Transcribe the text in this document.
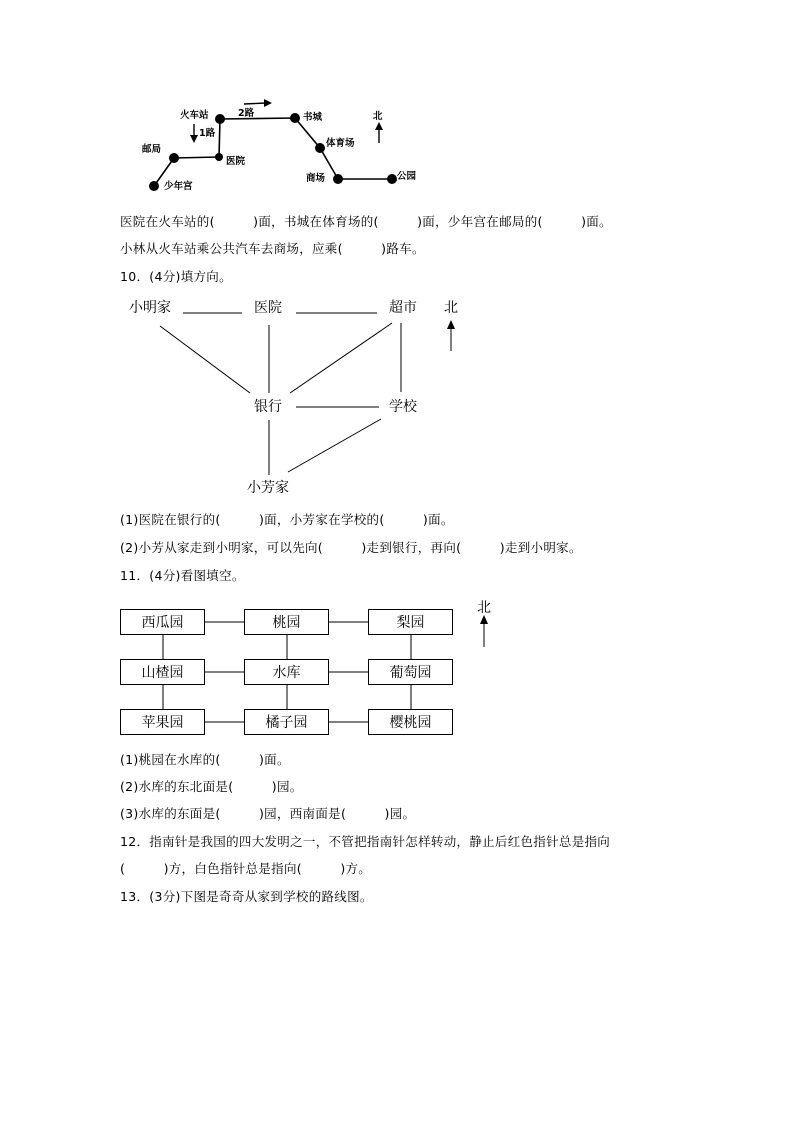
火车站	2路	书城	北
1路
邮局
医院
体育场
商场	公园
少年宫
医院在火车站的(　　　)面，书城在体育场的(　　　)面，少年宫在邮局的(　　　)面。
小林从火车站乘公共汽车去商场，应乘(　　　)路车。
10．(4分)填方向。
小明家	医院	超市 北
银行	学校
小芳家
(1)医院在银行的(　　　)面，小芳家在学校的(　　　)面。
(2)小芳从家走到小明家，可以先向(　　　)走到银行，再向(　　　)走到小明家。
11．(4分)看图填空。
西瓜园	桃园	梨园
山楂园	水库	葡萄园
苹果园	橘子园	樱桃园
北
(1)桃园在水库的(　　　)面。
(2)水库的东北面是(　　　)园。
(3)水库的东面是(　　　)园，西南面是(　　　)园。
12．指南针是我国的四大发明之一，不管把指南针怎样转动，静止后红色指针总是指向
(　　　)方，白色指针总是指向(　　　)方。
13．(3分)下图是奇奇从家到学校的路线图。
